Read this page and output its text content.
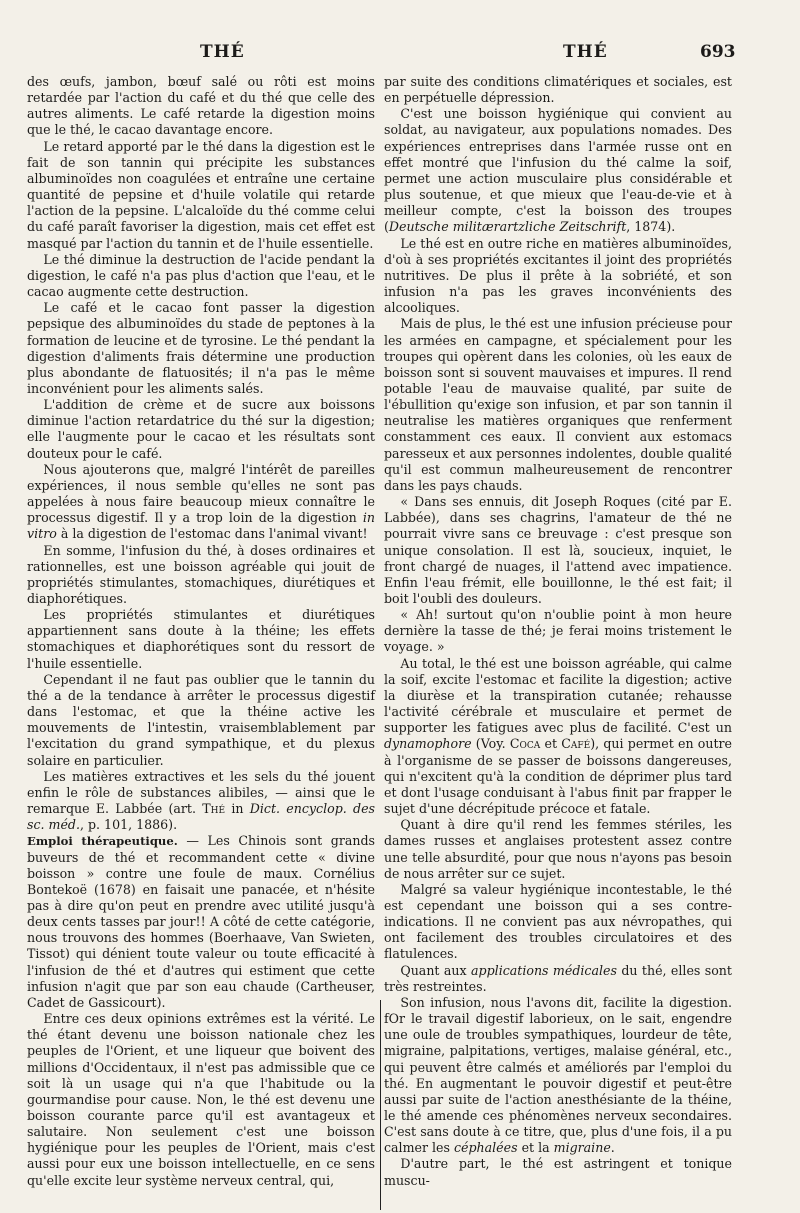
THÉ	THÉ	693

des œufs, jambon, bœuf salé ou rôti est moins retardée par l'action du café et du thé que celle des autres aliments. Le café retarde la digestion moins que le thé, le cacao davantage encore.

Le retard apporté par le thé dans la digestion est le fait de son tannin qui précipite les substances albuminoïdes non coagulées et entraîne une certaine quantité de pepsine et d'huile volatile qui retarde l'action de la pepsine. L'alcaloïde du thé comme celui du café paraît favoriser la digestion, mais cet effet est masqué par l'action du tannin et de l'huile essentielle.

Le thé diminue la destruction de l'acide pendant la digestion, le café n'a pas plus d'action que l'eau, et le cacao augmente cette destruction.

Le café et le cacao font passer la digestion pepsique des albuminoïdes du stade de peptones à la formation de leucine et de tyrosine. Le thé pendant la digestion d'aliments frais détermine une production plus abondante de flatuosités; il n'a pas le même inconvénient pour les aliments salés.

L'addition de crème et de sucre aux boissons diminue l'action retardatrice du thé sur la digestion; elle l'augmente pour le cacao et les résultats sont douteux pour le café.

Nous ajouterons que, malgré l'intérêt de pareilles expériences, il nous semble qu'elles ne sont pas appelées à nous faire beaucoup mieux connaître le processus digestif. Il y a trop loin de la digestion in vitro à la digestion de l'estomac dans l'animal vivant!

En somme, l'infusion du thé, à doses ordinaires et rationnelles, est une boisson agréable qui jouit de propriétés stimulantes, stomachiques, diurétiques et diaphorétiques.

Les propriétés stimulantes et diurétiques appartiennent sans doute à la théine; les effets stomachiques et diaphorétiques sont du ressort de l'huile essentielle.

Cependant il ne faut pas oublier que le tannin du thé a de la tendance à arrêter le processus digestif dans l'estomac, et que la théine active les mouvements de l'intestin, vraisemblablement par l'excitation du grand sympathique, et du plexus solaire en particulier.

Les matières extractives et les sels du thé jouent enfin le rôle de substances alibiles, — ainsi que le remarque E. Labbée (art. Thé in Dict. encyclop. des sc. méd., p. 101, 1886).

Emploi thérapeutique. — Les Chinois sont grands buveurs de thé et recommandent cette « divine boisson » contre une foule de maux. Cornélius Bontekoë (1678) en faisait une panacée, et n'hésite pas à dire qu'on peut en prendre avec utilité jusqu'à deux cents tasses par jour!! A côté de cette catégorie, nous trouvons des hommes (Boerhaave, Van Swieten, Tissot) qui dénient toute valeur ou toute efficacité à l'infusion de thé et d'autres qui estiment que cette infusion n'agit que par son eau chaude (Cartheuser, Cadet de Gassicourt).

Entre ces deux opinions extrêmes est la vérité. Le thé étant devenu une boisson nationale chez les peuples de l'Orient, et une liqueur que boivent des millions d'Occidentaux, il n'est pas admissible que ce soit là un usage qui n'a que l'habitude ou la gourmandise pour cause. Non, le thé est devenu une boisson courante parce qu'il est avantageux et salutaire. Non seulement c'est une boisson hygiénique pour les peuples de l'Orient, mais c'est aussi pour eux une boisson intellectuelle, en ce sens qu'elle excite leur système nerveux central, qui,

par suite des conditions climatériques et sociales, est en perpétuelle dépression.

C'est une boisson hygiénique qui convient au soldat, au navigateur, aux populations nomades. Des expériences entreprises dans l'armée russe ont en effet montré que l'infusion du thé calme la soif, permet une action musculaire plus considérable et plus soutenue, et que mieux que l'eau-de-vie et à meilleur compte, c'est la boisson des troupes (Deutsche militærartzliche Zeitschrift, 1874).

Le thé est en outre riche en matières albuminoïdes, d'où à ses propriétés excitantes il joint des propriétés nutritives. De plus il prête à la sobriété, et son infusion n'a pas les graves inconvénients des alcooliques.

Mais de plus, le thé est une infusion précieuse pour les armées en campagne, et spécialement pour les troupes qui opèrent dans les colonies, où les eaux de boisson sont si souvent mauvaises et impures. Il rend potable l'eau de mauvaise qualité, par suite de l'ébullition qu'exige son infusion, et par son tannin il neutralise les matières organiques que renferment constamment ces eaux. Il convient aux estomacs paresseux et aux personnes indolentes, double qualité qu'il est commun malheureusement de rencontrer dans les pays chauds.

« Dans ses ennuis, dit Joseph Roques (cité par E. Labbée), dans ses chagrins, l'amateur de thé ne pourrait vivre sans ce breuvage : c'est presque son unique consolation. Il est là, soucieux, inquiet, le front chargé de nuages, il l'attend avec impatience. Enfin l'eau frémit, elle bouillonne, le thé est fait; il boit l'oubli des douleurs.

« Ah! surtout qu'on n'oublie point à mon heure dernière la tasse de thé; je ferai moins tristement le voyage. »

Au total, le thé est une boisson agréable, qui calme la soif, excite l'estomac et facilite la digestion; active la diurèse et la transpiration cutanée; rehausse l'activité cérébrale et musculaire et permet de supporter les fatigues avec plus de facilité. C'est un dynamophore (Voy. Coca et Café), qui permet en outre à l'organisme de se passer de boissons dangereuses, qui n'excitent qu'à la condition de déprimer plus tard et dont l'usage conduisant à l'abus finit par frapper le sujet d'une décrépitude précoce et fatale.

Quant à dire qu'il rend les femmes stériles, les dames russes et anglaises protestent assez contre une telle absurdité, pour que nous n'ayons pas besoin de nous arrêter sur ce sujet.

Malgré sa valeur hygiénique incontestable, le thé est cependant une boisson qui a ses contre-indications. Il ne convient pas aux névropathes, qui ont facilement des troubles circulatoires et des flatulences.

Quant aux applications médicales du thé, elles sont très restreintes.

Son infusion, nous l'avons dit, facilite la digestion. fOr le travail digestif laborieux, on le sait, engendre une oule de troubles sympathiques, lourdeur de tête, migraine, palpitations, vertiges, malaise général, etc., qui peuvent être calmés et améliorés par l'emploi du thé. En augmentant le pouvoir digestif et peut-être aussi par suite de l'action anesthésiante de la théine, le thé amende ces phénomènes nerveux secondaires. C'est sans doute à ce titre, que, plus d'une fois, il a pu calmer les céphalées et la migraine.

D'autre part, le thé est astringent et tonique muscu-
